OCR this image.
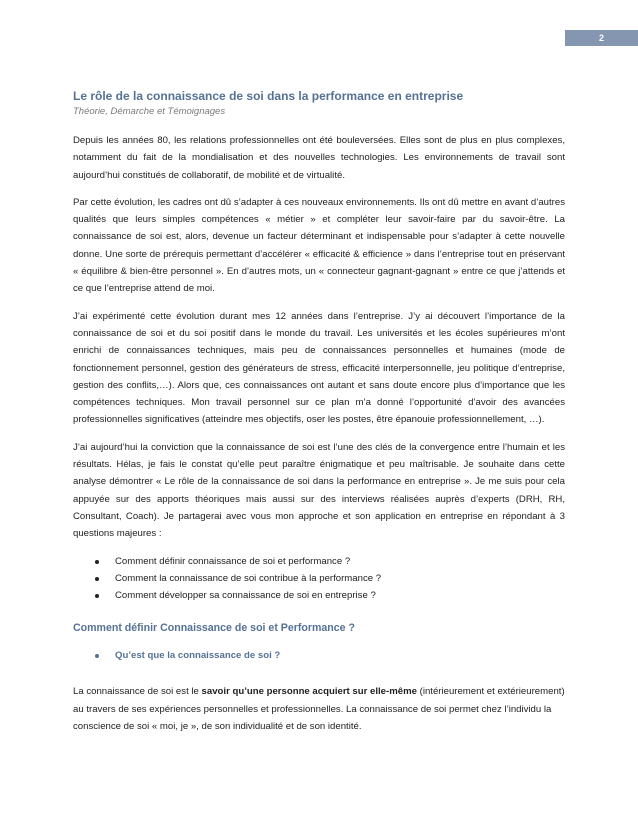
2
Le rôle de la connaissance de soi dans la performance en entreprise
Théorie, Démarche et Témoignages

Depuis les années 80, les relations professionnelles ont été bouleversées. Elles sont de plus en plus complexes, notamment du fait de la mondialisation et des nouvelles technologies. Les environnements de travail sont aujourd’hui constitués de collaboratif, de mobilité et de virtualité.

Par cette évolution, les cadres ont dû s’adapter à ces nouveaux environnements. Ils ont dû mettre en avant d’autres qualités que leurs simples compétences « métier » et compléter leur savoir-faire par du savoir-être. La connaissance de soi est, alors, devenue un facteur déterminant et indispensable pour s’adapter à cette nouvelle donne. Une sorte de prérequis permettant d’accélérer « efficacité & efficience » dans l’entreprise tout en préservant « équilibre & bien-être personnel ». En d’autres mots, un « connecteur gagnant-gagnant » entre ce que j’attends et ce que l’entreprise attend de moi.

J’ai expérimenté cette évolution durant mes 12 années dans l’entreprise. J’y ai découvert l’importance de la connaissance de soi et du soi positif dans le monde du travail. Les universités et les écoles supérieures m’ont enrichi de connaissances techniques, mais peu de connaissances personnelles et humaines (mode de fonctionnement personnel, gestion des générateurs de stress, efficacité interpersonnelle, jeu politique d’entreprise, gestion des conflits,…). Alors que, ces connaissances ont autant et sans doute encore plus d’importance que les compétences techniques. Mon travail personnel sur ce plan m’a donné l’opportunité d’avoir des avancées professionnelles significatives (atteindre mes objectifs, oser les postes, être épanouie professionnellement, …).

J’ai aujourd’hui la conviction que la connaissance de soi est l’une des clés de la convergence entre l’humain et les résultats. Hélas, je fais le constat qu’elle peut paraître énigmatique et peu maîtrisable. Je souhaite dans cette analyse démontrer « Le rôle de la connaissance de soi dans la performance en entreprise ». Je me suis pour cela appuyée sur des apports théoriques mais aussi sur des interviews réalisées auprès d’experts (DRH, RH, Consultant, Coach). Je partagerai avec vous mon approche et son application en entreprise en répondant à 3 questions majeures :

Comment définir connaissance de soi et performance ?
Comment la connaissance de soi contribue à la performance ?
Comment développer sa connaissance de soi en entreprise ?
Comment définir Connaissance de soi et Performance ?
Qu’est que la connaissance de soi ?

La connaissance de soi est le savoir qu’une personne acquiert sur elle-même (intérieurement et extérieurement) au travers de ses expériences personnelles et professionnelles. La connaissance de soi permet chez l’individu la conscience de soi « moi, je », de son individualité et de son identité.
